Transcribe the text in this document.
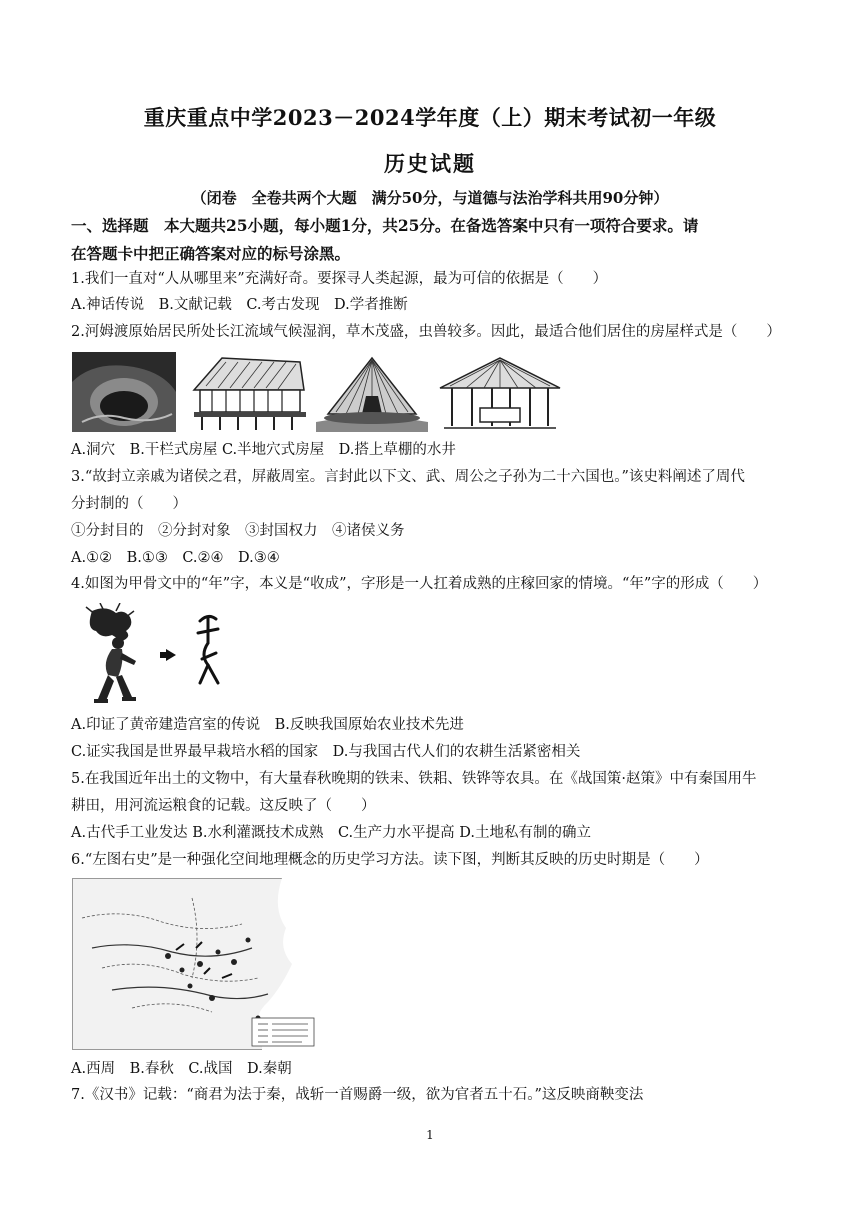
重庆重点中学2023－2024学年度（上）期末考试初一年级
历史试题
（闭卷　全卷共两个大题　满分50分，与道德与法治学科共用90分钟）
一、选择题　本大题共25小题，每小题1分，共25分。在备选答案中只有一项符合要求。请
在答题卡中把正确答案对应的标号涂黑。
1.我们一直对“人从哪里来”充满好奇。要探寻人类起源，最为可信的依据是（　　）
A.神话传说　B.文献记载　C.考古发现　D.学者推断
2.河姆渡原始居民所处长江流域气候湿润，草木茂盛，虫兽较多。因此，最适合他们居住的房屋样式是（　　）
A.洞穴　B.干栏式房屋 C.半地穴式房屋　D.搭上草棚的水井
3.“故封立亲戚为诸侯之君，屏蔽周室。言封此以下文、武、周公之子孙为二十六国也。”该史料阐述了周代
分封制的（　　）
①分封目的　②分封对象　③封国权力　④诸侯义务
A.①②　B.①③　C.②④　D.③④
4.如图为甲骨文中的“年”字，本义是“收成”，字形是一人扛着成熟的庄稼回家的情境。“年”字的形成（　　）
A.印证了黄帝建造宫室的传说　B.反映我国原始农业技术先进
C.证实我国是世界最早栽培水稻的国家　D.与我国古代人们的农耕生活紧密相关
5.在我国近年出土的文物中，有大量春秋晚期的铁耒、铁耜、铁铧等农具。在《战国策·赵策》中有秦国用牛
耕田，用河流运粮食的记载。这反映了（　　）
A.古代手工业发达 B.水利灌溉技术成熟　C.生产力水平提高 D.土地私有制的确立
6.“左图右史”是一种强化空间地理概念的历史学习方法。读下图，判断其反映的历史时期是（　　）
A.西周　B.春秋　C.战国　D.秦朝
7.《汉书》记载：“商君为法于秦，战斩一首赐爵一级，欲为官者五十石。”这反映商鞅变法
1
